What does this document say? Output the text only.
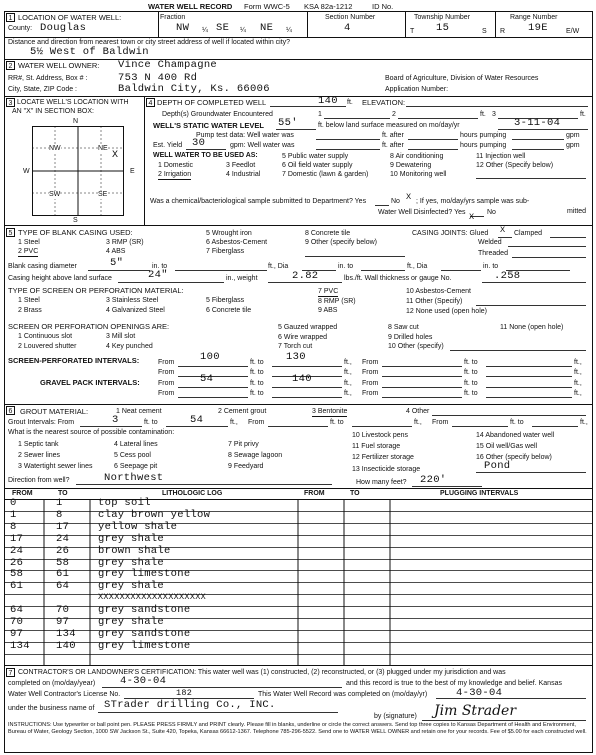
WATER WELL RECORD Form WWC-5 KSA 82a-1212	ID No.
1 LOCATION OF WATER WELL:
County: Douglas
Fraction
NW ¼ SE ¼ NE ¼
Section Number
4
Township Number
T 15	S
Range Number
R 19E	E/W
Distance and direction from nearest town or city street address of well if located within city?
5½ West of Baldwin
2 WATER WELL OWNER: Vince Champagne
RR#, St. Address, Box # :	753 N 400 Rd
City, State, ZIP Code :	Baldwin City, Ks. 66006
Board of Agriculture, Division of Water Resources
Application Number:
3 LOCATE WELL'S LOCATION WITH
AN "X" IN SECTION BOX:
N
S
W	E
NW	NE
SW	SE
X
4 DEPTH OF COMPLETED WELL	140 ft. ELEVATION:
Depth(s) Groundwater Encountered	1	2	ft. 3	ft.
WELL'S STATIC WATER LEVEL 55'	ft. below land surface measured on mo/day/yr	3-11-04
Pump test data: Well water was	ft. after	hours pumping	gpm
Est. Yield 30	gpm: Well water was	ft. after	hours pumping	gpm
WELL WATER TO BE USED AS:
1 Domestic
2 Irrigation
3 Feedlot
4 Industrial
5 Public water supply
6 Oil field water supply
7 Domestic (lawn & garden)
8 Air conditioning
9 Dewatering
10 Monitoring well
11 Injection well
12 Other (Specify below)
Was a chemical/bacteriological sample submitted to Department? Yes	No X ; If yes, mo/day/yrs sample was sub-
mitted
Water Well Disinfected? Yes	No
X
5 TYPE OF BLANK CASING USED:
1 Steel
2 PVC
3 RMP (SR)
4 ABS
5 Wrought iron
6 Asbestos-Cement
7 Fiberglass
8 Concrete tile
9 Other (specify below)
CASING JOINTS: Glued X Clamped
Welded
Threaded
Blank casing diameter	5"	in. to	ft., Dia	in. to	ft., Dia	in. to
Casing height above land surface	24"	in., weight	2.82	lbs./ft. Wall thickness or gauge No.	.258
TYPE OF SCREEN OR PERFORATION MATERIAL:
1 Steel
2 Brass
3 Stainless Steel
4 Galvanized Steel
5 Fiberglass
6 Concrete tile
7 PVC
8 RMP (SR)
9 ABS
10 Asbestos-Cement
11 Other (Specify)
12 None used (open hole)
SCREEN OR PERFORATION OPENINGS ARE:
1 Continuous slot
2 Louvered shutter
3 Mill slot
4 Key punched
5 Gauzed wrapped
6 Wire wrapped
7 Torch cut
8 Saw cut
9 Drilled holes
10 Other (specify)
11 None (open hole)
SCREEN-PERFORATED INTERVALS:	From 100	ft. to 130	ft., From	ft. to	ft.,
From	ft. to	ft., From	ft. to	ft.,
GRAVEL PACK INTERVALS:	From 54	ft. to	140	ft., From	ft. to	ft.,
From	ft. to	ft., From	ft. to	ft.,
6	GROUT MATERIAL:	1 Neat cement	2 Cement grout	3 Bentonite	4 Other
Grout Intervals: From	3	ft. to	54	ft., From	ft. to	ft., From	ft. to	ft.,
What is the nearest source of possible contamination:
1 Septic tank
2 Sewer lines
3 Watertight sewer lines
4 Lateral lines
5 Cess pool
6 Seepage pit
7 Pit privy
8 Sewage lagoon
9 Feedyard
10 Livestock pens
11 Fuel storage
12 Fertilizer storage
13 Insecticide storage
14 Abandoned water well
15 Oil well/Gas well
16 Other (specify below)
Pond
Direction from well?	Northwest	How many feet? 220'
FROM	TO	LITHOLOGIC LOG	FROM	TO	PLUGGING INTERVALS
0	1	top soil
1	8	clay brown yellow
8	17	yellow shale
17	24	grey shale
24	26	brown shale
26	58	grey shale
58	61	grey limestone
61	64	grey shale
XXXXXXXXXXXXXXXXXXXX
64	70	grey sandstone
70	97	grey shale
97	134 grey sandstone
134 140 grey limestone
7 CONTRACTOR'S OR LANDOWNER'S CERTIFICATION: This water well was (1) constructed, (2) reconstructed, or (3) plugged under my jurisdiction and was
completed on (mo/day/year) 4-30-04	and this record is true to the best of my knowledge and belief. Kansas
Water Well Contractor's License No.	182	This Water Well Record was completed on (mo/day/yr)	4-30-04
under the business name of STrader drilling Co., INC.
by (signature) Jim Strader
INSTRUCTIONS: Use typewriter or ball point pen. PLEASE PRESS FIRMLY and PRINT clearly. Please fill in blanks, underline or circle the correct answers. Send top three copies to Kansas Department of Health and Environment, Bureau of Water, Geology Section, 1000 SW Jackson St., Suite 420, Topeka, Kansas 66612-1367. Telephone 785-296-5522. Send one to WATER WELL OWNER and retain one for your records. Fee of $5.00 for each constructed well.
